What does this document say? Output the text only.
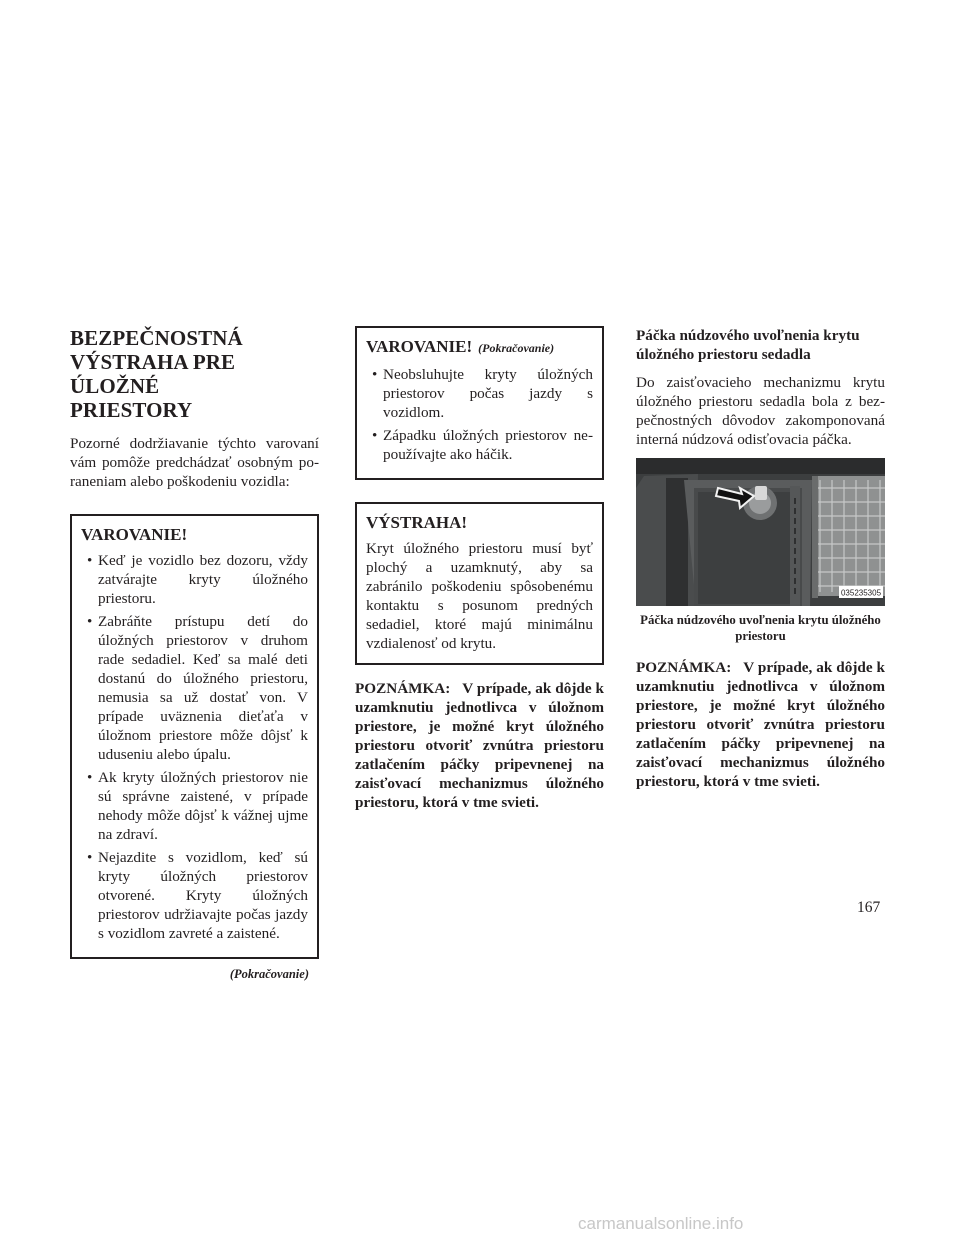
BEZPEČNOSTNÁ
VÝSTRAHA PRE ÚLOŽNÉ
PRIESTORY

Pozorné dodržiavanie týchto varovaní vám pomôže predchádzať osobným poraneniam alebo poškodeniu vozidla:

VAROVANIE!
• Keď je vozidlo bez dozoru, vždy zatvárajte kryty úložného priestoru.
• Zabráňte prístupu detí do úložných priestorov v druhom rade sedadiel. Keď sa malé deti dostanú do úložného priestoru, nemusia sa už dostať von. V prípade uväznenia dieťaťa v úložnom priestore môže dôjsť k uduseniu alebo úpalu.
• Ak kryty úložných priestorov nie sú správne zaistené, v prípade nehody môže dôjsť k vážnej ujme na zdraví.
• Nejazdite s vozidlom, keď sú kryty úložných priestorov otvorené. Kryty úložných priestorov udržiavajte počas jazdy s vozidlom zavreté a zaistené.
(Pokračovanie)
VAROVANIE! (Pokračovanie)
• Neobsluhujte kryty úložných priestorov počas jazdy s vozidlom.
• Západku úložných priestorov nepoužívajte ako háčik.
VÝSTRAHA!

Kryt úložného priestoru musí byť plochý a uzamknutý, aby sa zabránilo poškodeniu spôsobenému kontaktu s posunom predných sedadiel, ktoré majú minimálnu vzdialenosť od krytu.

POZNÁMKA: V prípade, ak dôjde k uzamknutiu jednotlivca v úložnom priestore, je možné kryt úložného priestoru otvoriť zvnútra priestoru zatlačením páčky pripevnenej na zaisťovací mechanizmus úložného priestoru, ktorá v tme svieti.
Páčka núdzového uvoľnenia krytu úložného priestoru sedadla

Do zaisťovacieho mechanizmu krytu úložného priestoru sedadla bola z bezpečnostných dôvodov zakomponovaná interná núdzová odisťovacia páčka.

035235305
Páčka núdzového uvoľnenia krytu úložného priestoru
POZNÁMKA: V prípade, ak dôjde k uzamknutiu jednotlivca v úložnom priestore, je možné kryt úložného priestoru otvoriť zvnútra priestoru zatlačením páčky pripevnenej na zaisťovací mechanizmus úložného priestoru, ktorá v tme svieti.
167
carmanualsonline.info
